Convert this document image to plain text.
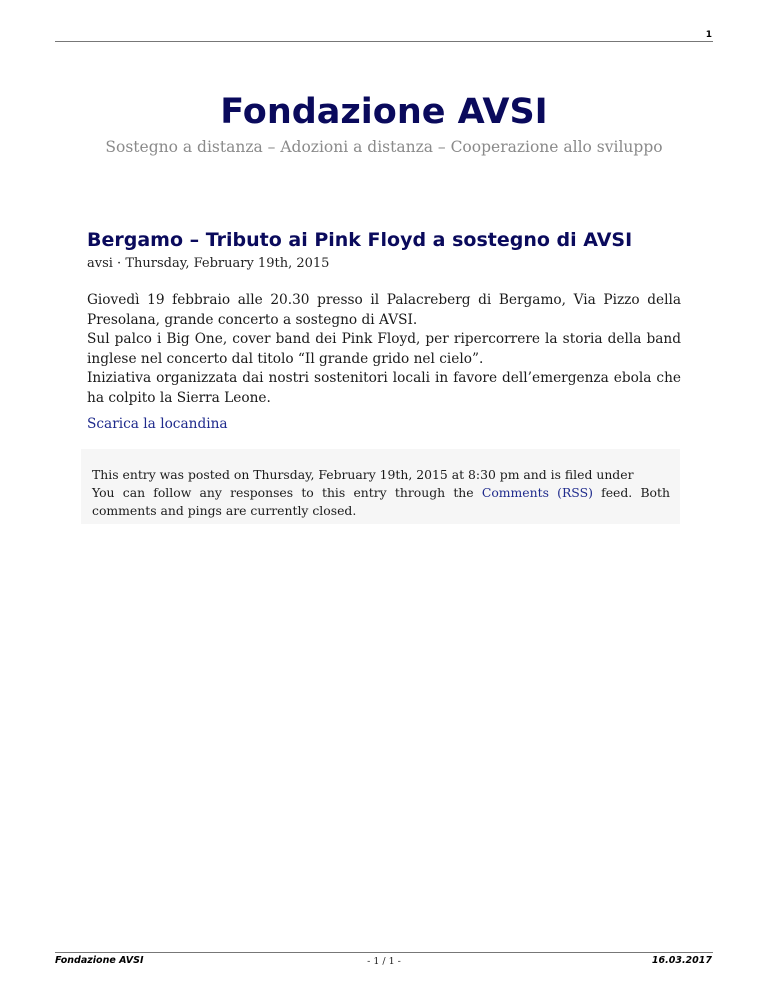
1
Fondazione AVSI
Sostegno a distanza – Adozioni a distanza – Cooperazione allo sviluppo
Bergamo – Tributo ai Pink Floyd a sostegno di AVSI
avsi · Thursday, February 19th, 2015
Giovedì 19 febbraio alle 20.30 presso il Palacreberg di Bergamo, Via Pizzo della
Presolana, grande concerto a sostegno di AVSI.
Sul palco i Big One, cover band dei Pink Floyd, per ripercorrere la storia della band
inglese nel concerto dal titolo “Il grande grido nel cielo”.
Iniziativa organizzata dai nostri sostenitori locali in favore dell’emergenza ebola che
ha colpito la Sierra Leone.
Scarica la locandina
This entry was posted on Thursday, February 19th, 2015 at 8:30 pm and is filed under
You can follow any responses to this entry through the Comments (RSS) feed. Both
comments and pings are currently closed.
Fondazione AVSI	- 1 / 1 -	16.03.2017
